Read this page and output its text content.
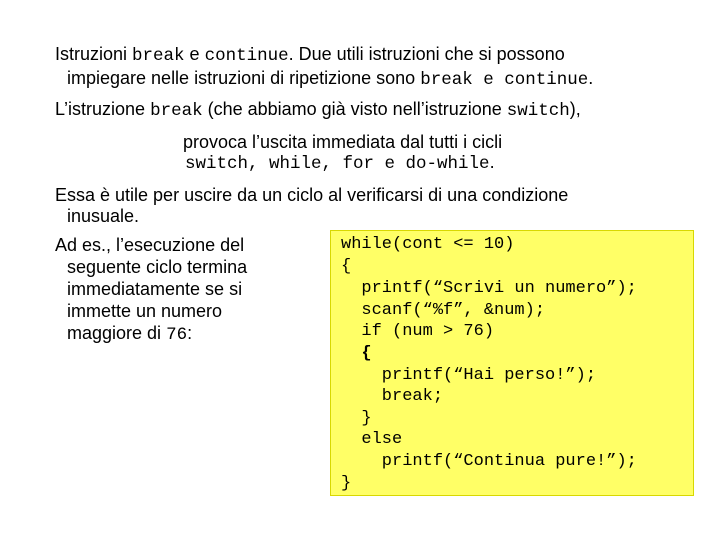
Istruzioni break e continue. Due utili istruzioni che si possono
impiegare nelle istruzioni di ripetizione sono break e continue.
L’istruzione break (che abbiamo già visto nell’istruzione switch),
provoca l’uscita immediata dal tutti i cicli
switch, while, for e do-while.
Essa è utile per uscire da un ciclo al verificarsi di una condizione
inusuale.
Ad es., l’esecuzione del
seguente ciclo termina
immediatamente se si
immette un numero
maggiore di 76:
while(cont <= 10)
{
printf(“Scrivi un numero”);
scanf(“%f”, &num);
if (num > 76)
{
printf(“Hai perso!”);
break;
}
else
printf(“Continua pure!”);
}
